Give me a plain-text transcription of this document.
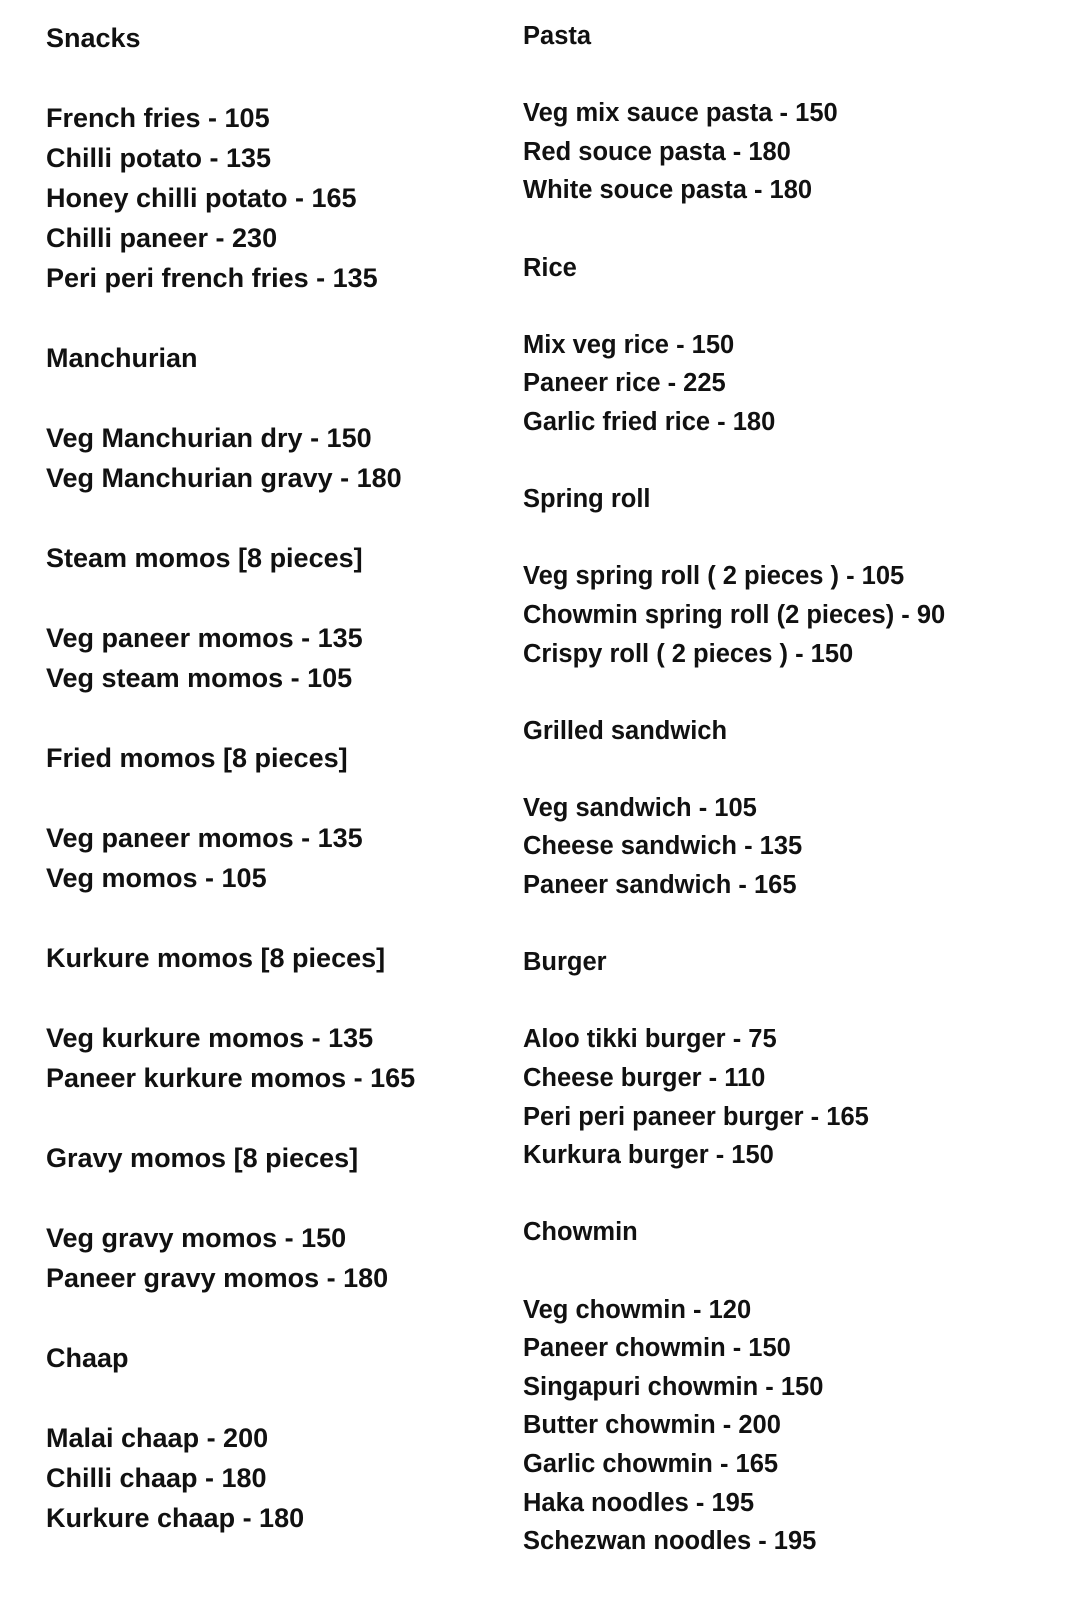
Snacks
French fries - 105
Chilli potato - 135
Honey chilli potato - 165
Chilli paneer - 230
Peri peri french fries - 135
Manchurian
Veg Manchurian dry - 150
Veg Manchurian gravy - 180
Steam momos [8 pieces]
Veg paneer momos - 135
Veg steam momos - 105
Fried momos [8 pieces]
Veg paneer momos - 135
Veg momos - 105
Kurkure momos [8 pieces]
Veg kurkure momos - 135
Paneer kurkure momos - 165
Gravy momos [8 pieces]
Veg gravy momos - 150
Paneer gravy momos - 180
Chaap
Malai chaap - 200
Chilli chaap - 180
Kurkure chaap - 180
Pasta
Veg mix sauce pasta - 150
Red souce pasta - 180
White souce pasta - 180
Rice
Mix veg rice - 150
Paneer rice - 225
Garlic fried rice - 180
Spring roll
Veg spring roll ( 2 pieces ) - 105
Chowmin spring roll (2 pieces) - 90
Crispy roll ( 2 pieces ) - 150
Grilled sandwich
Veg sandwich - 105
Cheese sandwich - 135
Paneer sandwich - 165
Burger
Aloo tikki burger - 75
Cheese burger - 110
Peri peri paneer burger - 165
Kurkura burger - 150
Chowmin
Veg chowmin - 120
Paneer chowmin - 150
Singapuri chowmin - 150
Butter chowmin - 200
Garlic chowmin - 165
Haka noodles - 195
Schezwan noodles - 195
